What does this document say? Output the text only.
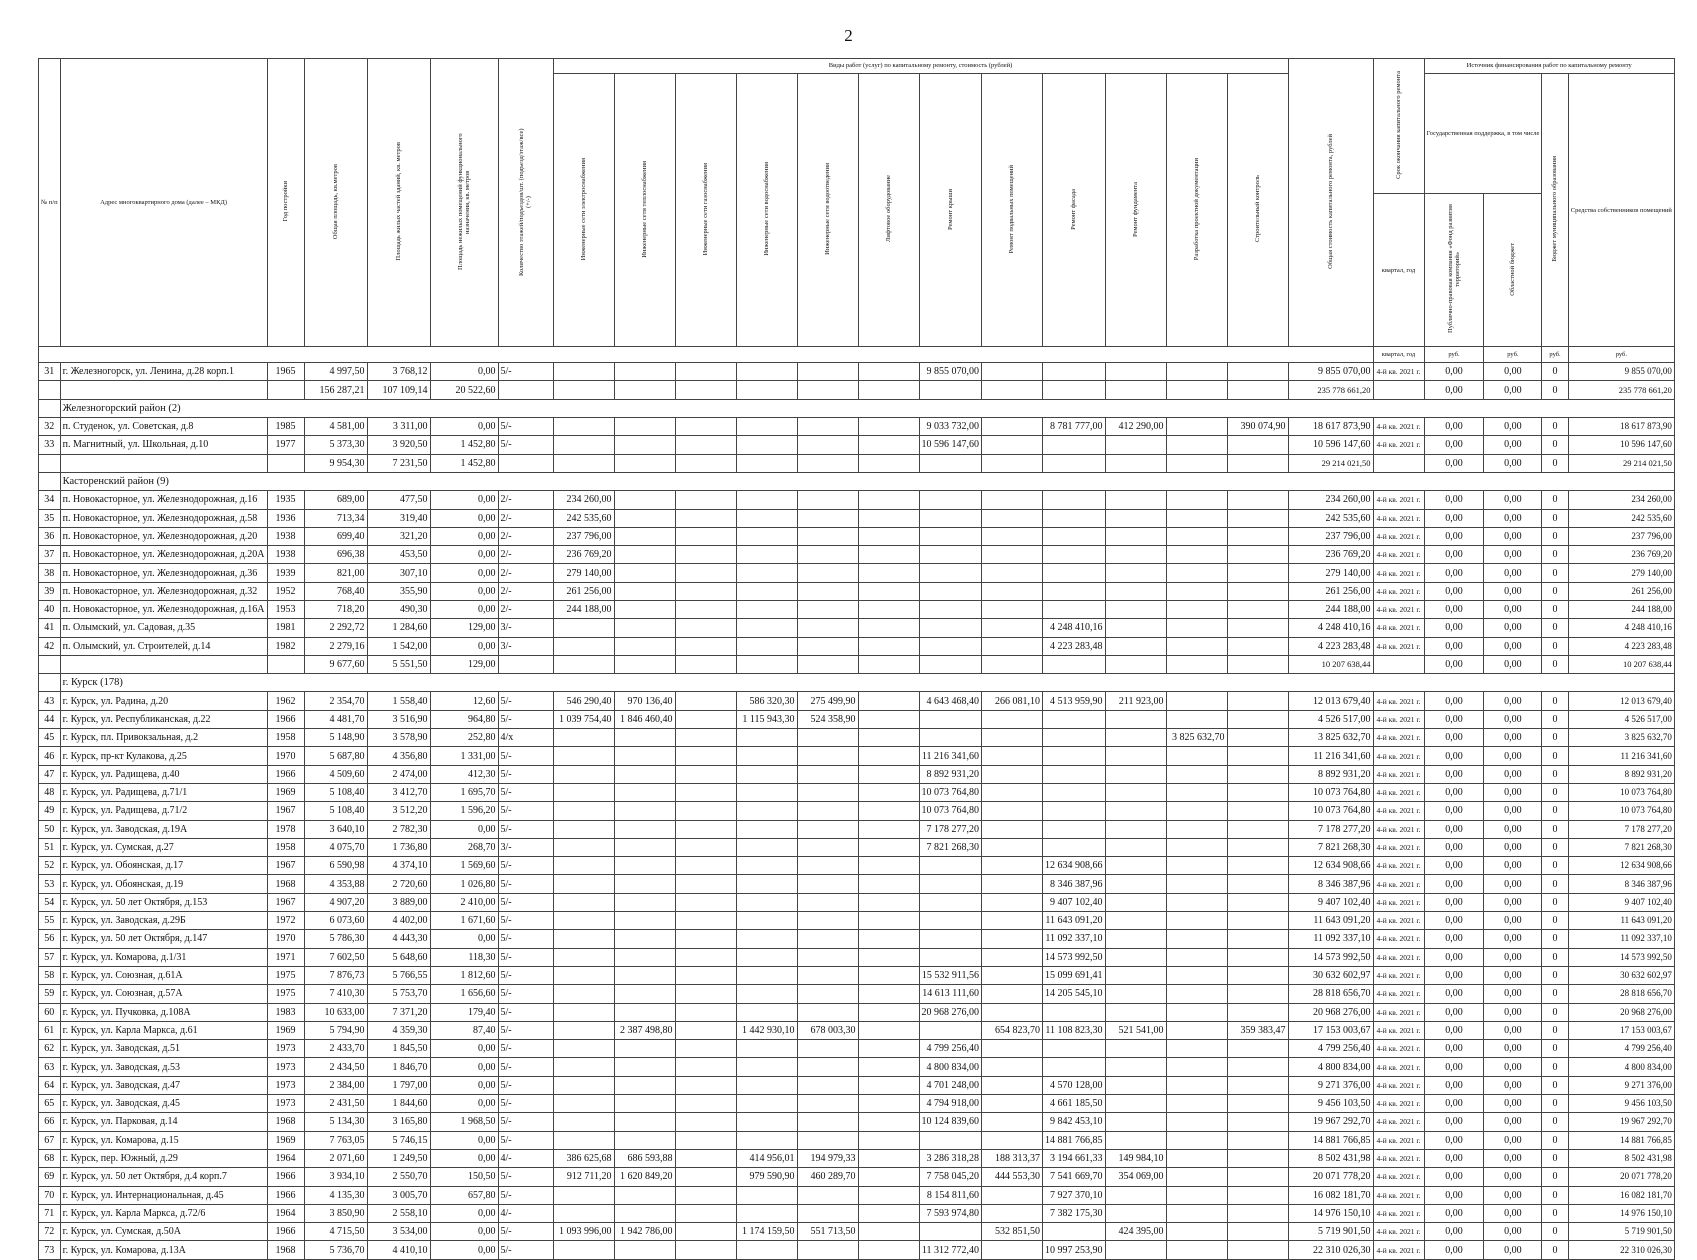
2
№ п/п	Адрес многоквартирного дома (далее – МКД)	Год постройки	Общая площадь, кв.метров	Площадь жилых частей зданий, кв. метров	Площадь нежилых помещений функционального назначения, кв. метров	Количество этажей/подъездов/шт. (подъезд/этаж/все) (+/-)	Виды работ (услуг) по капитальному ремонту, стоимость (рублей)												Общая стоимость капитального ремонта, рублей	Срок окончания капитального ремонта	Источник финансирования работ по капитальному ремонту			
							Инженерные сети электроснабжения	Инженерные сети теплоснабжения	Инженерные сети газоснабжения	Инженерные сети водоснабжения	Инженерные сети водоотведения	Лифтовое оборудование	Ремонт крыши	Ремонт подвальных помещений	Ремонт фасада	Ремонт фундамента	Разработка проектной документации	Строительный контроль			Государственная поддержка, в том числе		Бюджет муниципального образования	Средства собственников помещений
																				квартал, год	Публично-правовая компания «Фонд развития территорий»	Областной бюджет		
																				квартал, год	руб.	руб.	руб.	руб.
31	г. Железногорск, ул. Ленина, д.28 корп.1	1965	4 997,50	3 768,12	0,00	5/-							9 855 070,00						9 855 070,00	4-й кв. 2021 г.	0,00	0,00	0	9 855 070,00
			156 287,21	107 109,14	20 522,60														235 778 661,20		0,00	0,00	0	235 778 661,20
	Железногорский район (2)																							
32	п. Студенок, ул. Советская, д.8	1985	4 581,00	3 311,00	0,00	5/-							9 033 732,00		8 781 777,00	412 290,00		390 074,90	18 617 873,90	4-й кв. 2021 г.	0,00	0,00	0	18 617 873,90
33	п. Магнитный, ул. Школьная, д.10	1977	5 373,30	3 920,50	1 452,80	5/-							10 596 147,60						10 596 147,60	4-й кв. 2021 г.	0,00	0,00	0	10 596 147,60
			9 954,30	7 231,50	1 452,80														29 214 021,50		0,00	0,00	0	29 214 021,50
	Касторенский район (9)																							
34	п. Новокасторное, ул. Железнодорожная, д.16	1935	689,00	477,50	0,00	2/-	234 260,00												234 260,00	4-й кв. 2021 г.	0,00	0,00	0	234 260,00
35	п. Новокасторное, ул. Железнодорожная, д.58	1936	713,34	319,40	0,00	2/-	242 535,60												242 535,60	4-й кв. 2021 г.	0,00	0,00	0	242 535,60
36	п. Новокасторное, ул. Железнодорожная, д.20	1938	699,40	321,20	0,00	2/-	237 796,00												237 796,00	4-й кв. 2021 г.	0,00	0,00	0	237 796,00
37	п. Новокасторное, ул. Железнодорожная, д.20А	1938	696,38	453,50	0,00	2/-	236 769,20												236 769,20	4-й кв. 2021 г.	0,00	0,00	0	236 769,20
38	п. Новокасторное, ул. Железнодорожная, д.36	1939	821,00	307,10	0,00	2/-	279 140,00												279 140,00	4-й кв. 2021 г.	0,00	0,00	0	279 140,00
39	п. Новокасторное, ул. Железнодорожная, д.32	1952	768,40	355,90	0,00	2/-	261 256,00												261 256,00	4-й кв. 2021 г.	0,00	0,00	0	261 256,00
40	п. Новокасторное, ул. Железнодорожная, д.16А	1953	718,20	490,30	0,00	2/-	244 188,00												244 188,00	4-й кв. 2021 г.	0,00	0,00	0	244 188,00
41	п. Олымский, ул. Садовая, д.35	1981	2 292,72	1 284,60	129,00	3/-									4 248 410,16				4 248 410,16	4-й кв. 2021 г.	0,00	0,00	0	4 248 410,16
42	п. Олымский, ул. Строителей, д.14	1982	2 279,16	1 542,00	0,00	3/-									4 223 283,48				4 223 283,48	4-й кв. 2021 г.	0,00	0,00	0	4 223 283,48
			9 677,60	5 551,50	129,00														10 207 638,44		0,00	0,00	0	10 207 638,44
	г. Курск (178)																							
43	г. Курск, ул. Радина, д.20	1962	2 354,70	1 558,40	12,60	5/-	546 290,40	970 136,40		586 320,30	275 499,90		4 643 468,40	266 081,10	4 513 959,90	211 923,00			12 013 679,40	4-й кв. 2021 г.	0,00	0,00	0	12 013 679,40
44	г. Курск, ул. Республиканская, д.22	1966	4 481,70	3 516,90	964,80	5/-	1 039 754,40	1 846 460,40		1 115 943,30	524 358,90								4 526 517,00	4-й кв. 2021 г.	0,00	0,00	0	4 526 517,00
45	г. Курск, пл. Привокзальная, д.2	1958	5 148,90	3 578,90	252,80	4/х											3 825 632,70		3 825 632,70	4-й кв. 2021 г.	0,00	0,00	0	3 825 632,70
46	г. Курск, пр-кт Кулакова, д.25	1970	5 687,80	4 356,80	1 331,00	5/-							11 216 341,60						11 216 341,60	4-й кв. 2021 г.	0,00	0,00	0	11 216 341,60
47	г. Курск, ул. Радищева, д.40	1966	4 509,60	2 474,00	412,30	5/-							8 892 931,20						8 892 931,20	4-й кв. 2021 г.	0,00	0,00	0	8 892 931,20
48	г. Курск, ул. Радищева, д.71/1	1969	5 108,40	3 412,70	1 695,70	5/-							10 073 764,80						10 073 764,80	4-й кв. 2021 г.	0,00	0,00	0	10 073 764,80
49	г. Курск, ул. Радищева, д.71/2	1967	5 108,40	3 512,20	1 596,20	5/-							10 073 764,80						10 073 764,80	4-й кв. 2021 г.	0,00	0,00	0	10 073 764,80
50	г. Курск, ул. Заводская, д.19А	1978	3 640,10	2 782,30	0,00	5/-							7 178 277,20						7 178 277,20	4-й кв. 2021 г.	0,00	0,00	0	7 178 277,20
51	г. Курск, ул. Сумская, д.27	1958	4 075,70	1 736,80	268,70	3/-							7 821 268,30						7 821 268,30	4-й кв. 2021 г.	0,00	0,00	0	7 821 268,30
52	г. Курск, ул. Обоянская, д.17	1967	6 590,98	4 374,10	1 569,60	5/-									12 634 908,66				12 634 908,66	4-й кв. 2021 г.	0,00	0,00	0	12 634 908,66
53	г. Курск, ул. Обоянская, д.19	1968	4 353,88	2 720,60	1 026,80	5/-									8 346 387,96				8 346 387,96	4-й кв. 2021 г.	0,00	0,00	0	8 346 387,96
54	г. Курск, ул. 50 лет Октября, д.153	1967	4 907,20	3 889,00	2 410,00	5/-									9 407 102,40				9 407 102,40	4-й кв. 2021 г.	0,00	0,00	0	9 407 102,40
55	г. Курск, ул. Заводская, д.29Б	1972	6 073,60	4 402,00	1 671,60	5/-									11 643 091,20				11 643 091,20	4-й кв. 2021 г.	0,00	0,00	0	11 643 091,20
56	г. Курск, ул. 50 лет Октября, д.147	1970	5 786,30	4 443,30	0,00	5/-									11 092 337,10				11 092 337,10	4-й кв. 2021 г.	0,00	0,00	0	11 092 337,10
57	г. Курск, ул. Комарова, д.1/31	1971	7 602,50	5 648,60	118,30	5/-									14 573 992,50				14 573 992,50	4-й кв. 2021 г.	0,00	0,00	0	14 573 992,50
58	г. Курск, ул. Союзная, д.61А	1975	7 876,73	5 766,55	1 812,60	5/-							15 532 911,56		15 099 691,41				30 632 602,97	4-й кв. 2021 г.	0,00	0,00	0	30 632 602,97
59	г. Курск, ул. Союзная, д.57А	1975	7 410,30	5 753,70	1 656,60	5/-							14 613 111,60		14 205 545,10				28 818 656,70	4-й кв. 2021 г.	0,00	0,00	0	28 818 656,70
60	г. Курск, ул. Пучковка, д.108А	1983	10 633,00	7 371,20	179,40	5/-							20 968 276,00						20 968 276,00	4-й кв. 2021 г.	0,00	0,00	0	20 968 276,00
61	г. Курск, ул. Карла Маркса, д.61	1969	5 794,90	4 359,30	87,40	5/-		2 387 498,80		1 442 930,10	678 003,30			654 823,70	11 108 823,30	521 541,00		359 383,47	17 153 003,67	4-й кв. 2021 г.	0,00	0,00	0	17 153 003,67
62	г. Курск, ул. Заводская, д.51	1973	2 433,70	1 845,50	0,00	5/-							4 799 256,40						4 799 256,40	4-й кв. 2021 г.	0,00	0,00	0	4 799 256,40
63	г. Курск, ул. Заводская, д.53	1973	2 434,50	1 846,70	0,00	5/-							4 800 834,00						4 800 834,00	4-й кв. 2021 г.	0,00	0,00	0	4 800 834,00
64	г. Курск, ул. Заводская, д.47	1973	2 384,00	1 797,00	0,00	5/-							4 701 248,00		4 570 128,00				9 271 376,00	4-й кв. 2021 г.	0,00	0,00	0	9 271 376,00
65	г. Курск, ул. Заводская, д.45	1973	2 431,50	1 844,60	0,00	5/-							4 794 918,00		4 661 185,50				9 456 103,50	4-й кв. 2021 г.	0,00	0,00	0	9 456 103,50
66	г. Курск, ул. Парковая, д.14	1968	5 134,30	3 165,80	1 968,50	5/-							10 124 839,60		9 842 453,10				19 967 292,70	4-й кв. 2021 г.	0,00	0,00	0	19 967 292,70
67	г. Курск, ул. Комарова, д.15	1969	7 763,05	5 746,15	0,00	5/-									14 881 766,85				14 881 766,85	4-й кв. 2021 г.	0,00	0,00	0	14 881 766,85
68	г. Курск, пер. Южный, д.29	1964	2 071,60	1 249,50	0,00	4/-	386 625,68	686 593,88		414 956,01	194 979,33		3 286 318,28	188 313,37	3 194 661,33	149 984,10			8 502 431,98	4-й кв. 2021 г.	0,00	0,00	0	8 502 431,98
69	г. Курск, ул. 50 лет Октября, д.4 корп.7	1966	3 934,10	2 550,70	150,50	5/-	912 711,20	1 620 849,20		979 590,90	460 289,70		7 758 045,20	444 553,30	7 541 669,70	354 069,00			20 071 778,20	4-й кв. 2021 г.	0,00	0,00	0	20 071 778,20
70	г. Курск, ул. Интернациональная, д.45	1966	4 135,30	3 005,70	657,80	5/-							8 154 811,60		7 927 370,10				16 082 181,70	4-й кв. 2021 г.	0,00	0,00	0	16 082 181,70
71	г. Курск, ул. Карла Маркса, д.72/6	1964	3 850,90	2 558,10	0,00	4/-							7 593 974,80		7 382 175,30				14 976 150,10	4-й кв. 2021 г.	0,00	0,00	0	14 976 150,10
72	г. Курск, ул. Сумская, д.50А	1966	4 715,50	3 534,00	0,00	5/-	1 093 996,00	1 942 786,00		1 174 159,50	551 713,50			532 851,50		424 395,00			5 719 901,50	4-й кв. 2021 г.	0,00	0,00	0	5 719 901,50
73	г. Курск, ул. Комарова, д.13А	1968	5 736,70	4 410,10	0,00	5/-							11 312 772,40		10 997 253,90				22 310 026,30	4-й кв. 2021 г.	0,00	0,00	0	22 310 026,30
